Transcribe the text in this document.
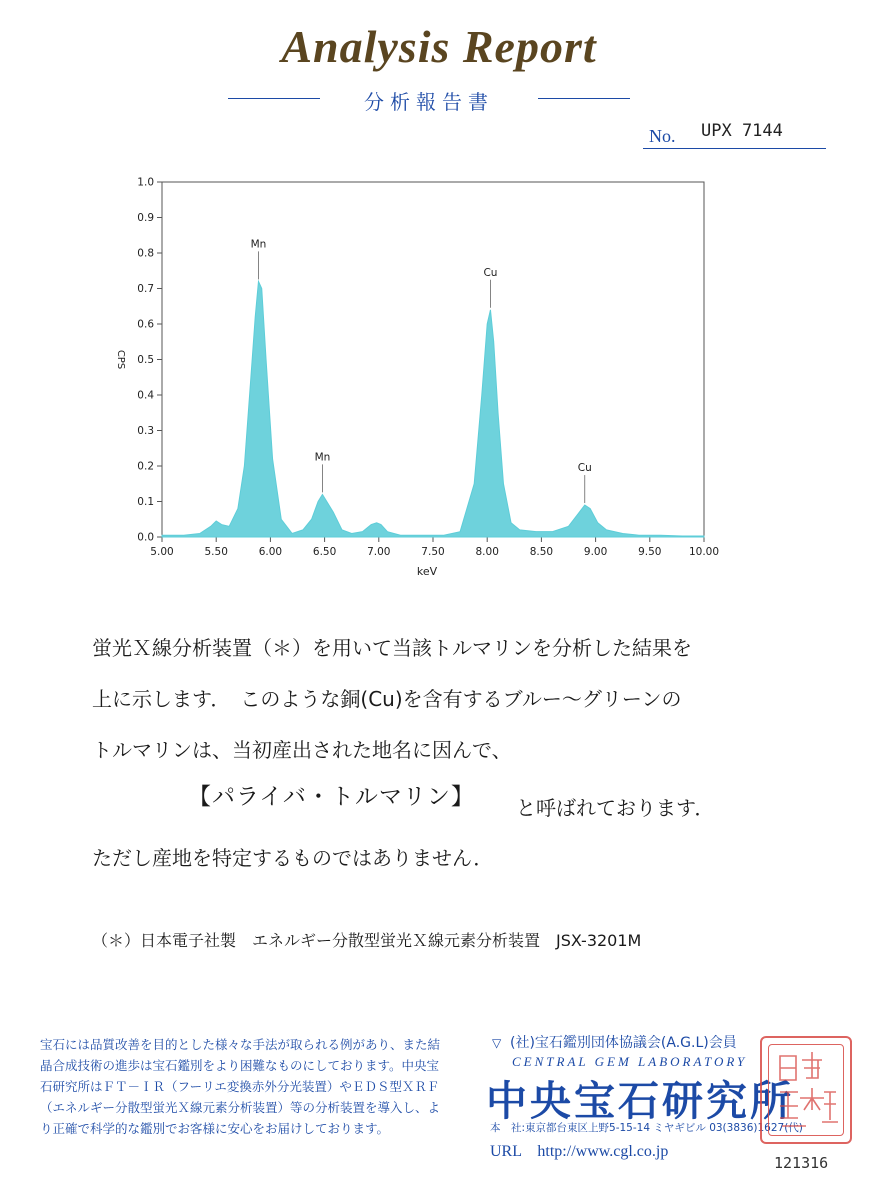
Analysis Report
分析報告書
No. UPX 7144
0.0
0.1
0.2
0.3
0.4
0.5
0.6
0.7
0.8
0.9
1.0
5.00	5.50	6.00	6.50	7.00	7.50	8.00	8.50	9.00	9.50	10.00
Mn
Mn
Cu
Cu
keV
CPS
蛍光Ｘ線分析装置（＊）を用いて当該トルマリンを分析した結果を
上に示します．　このような銅(Cu)を含有するブルー～グリーンの
トルマリンは、当初産出された地名に因んで、
【パライバ・トルマリン】 と呼ばれております．
ただし産地を特定するものではありません．
（＊）日本電子社製　エネルギー分散型蛍光Ｘ線元素分析装置　JSX-3201M
宝石には品質改善を目的とした様々な手法が取られる例があり、また結晶合成技術の進歩は宝石鑑別をより困難なものにしております。中央宝石研究所はＦＴ－ＩＲ（フーリエ変換赤外分光装置）やＥＤＳ型ＸＲＦ（エネルギー分散型蛍光Ｘ線元素分析装置）等の分析装置を導入し、より正確で科学的な鑑別でお客様に安心をお届けしております。
▽ (社)宝石鑑別団体協議会(A.G.L)会員
CENTRAL GEM LABORATORY
中央宝石研究所
本　社:東京都台東区上野5-15-14 ミヤギビル 03(3836)1627(代)
URL　http://www.cgl.co.jp
121316
